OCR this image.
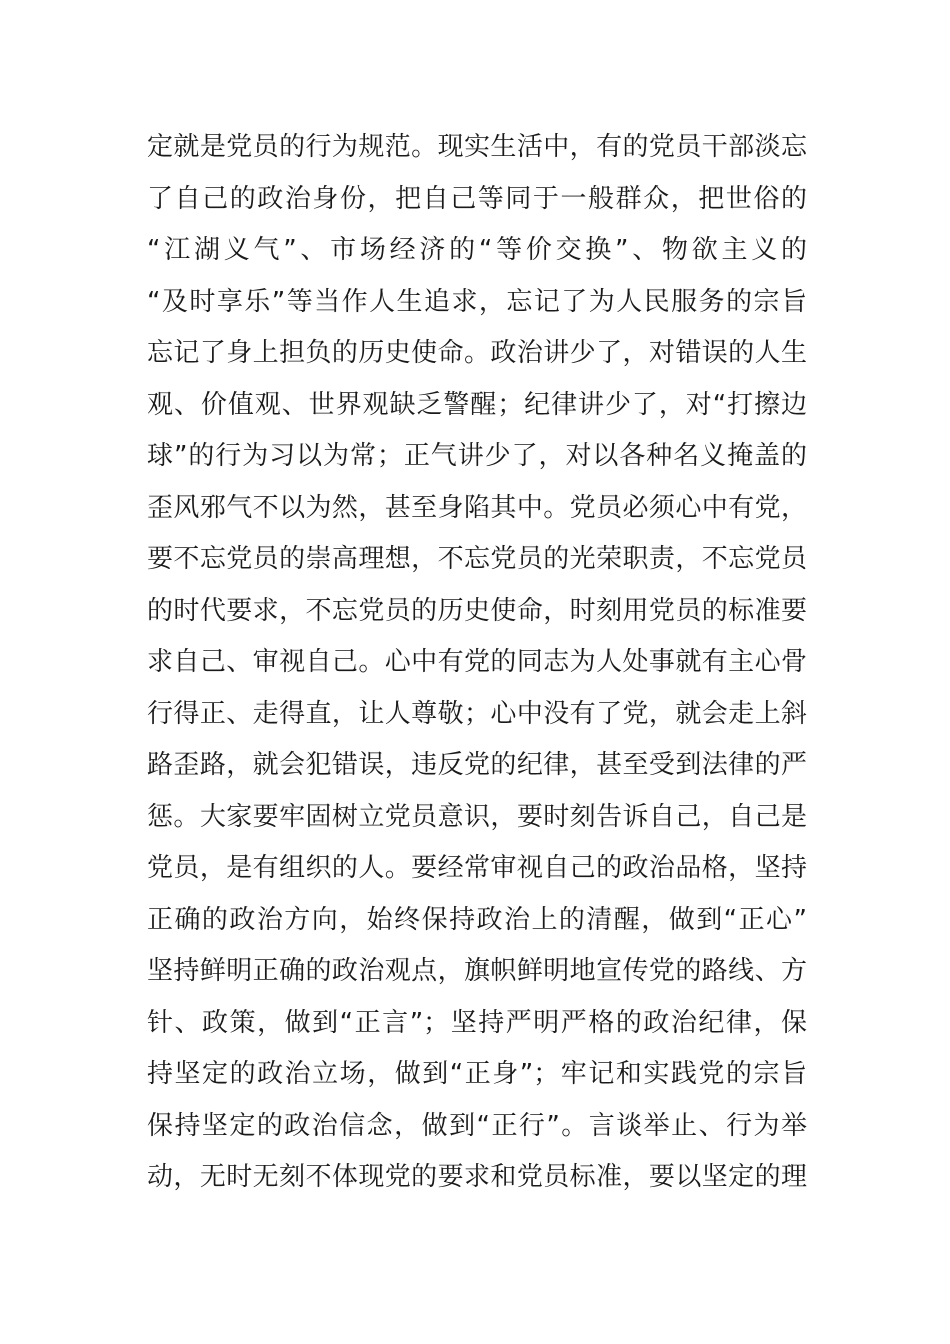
定就是党员的行为规范。现实生活中，有的党员干部淡忘
了自己的政治身份，把自己等同于一般群众，把世俗的
“江湖义气”、市场经济的“等价交换”、物欲主义的
“及时享乐”等当作人生追求，忘记了为人民服务的宗旨
忘记了身上担负的历史使命。政治讲少了，对错误的人生
观、价值观、世界观缺乏警醒；纪律讲少了，对“打擦边
球”的行为习以为常；正气讲少了，对以各种名义掩盖的
歪风邪气不以为然，甚至身陷其中。党员必须心中有党，
要不忘党员的崇高理想，不忘党员的光荣职责，不忘党员
的时代要求，不忘党员的历史使命，时刻用党员的标准要
求自己、审视自己。心中有党的同志为人处事就有主心骨
行得正、走得直，让人尊敬；心中没有了党，就会走上斜
路歪路，就会犯错误，违反党的纪律，甚至受到法律的严
惩。大家要牢固树立党员意识，要时刻告诉自己，自己是
党员，是有组织的人。要经常审视自己的政治品格，坚持
正确的政治方向，始终保持政治上的清醒，做到“正心”
坚持鲜明正确的政治观点，旗帜鲜明地宣传党的路线、方
针、政策，做到“正言”；坚持严明严格的政治纪律，保
持坚定的政治立场，做到“正身”；牢记和实践党的宗旨
保持坚定的政治信念，做到“正行”。言谈举止、行为举
动，无时无刻不体现党的要求和党员标准，要以坚定的理
